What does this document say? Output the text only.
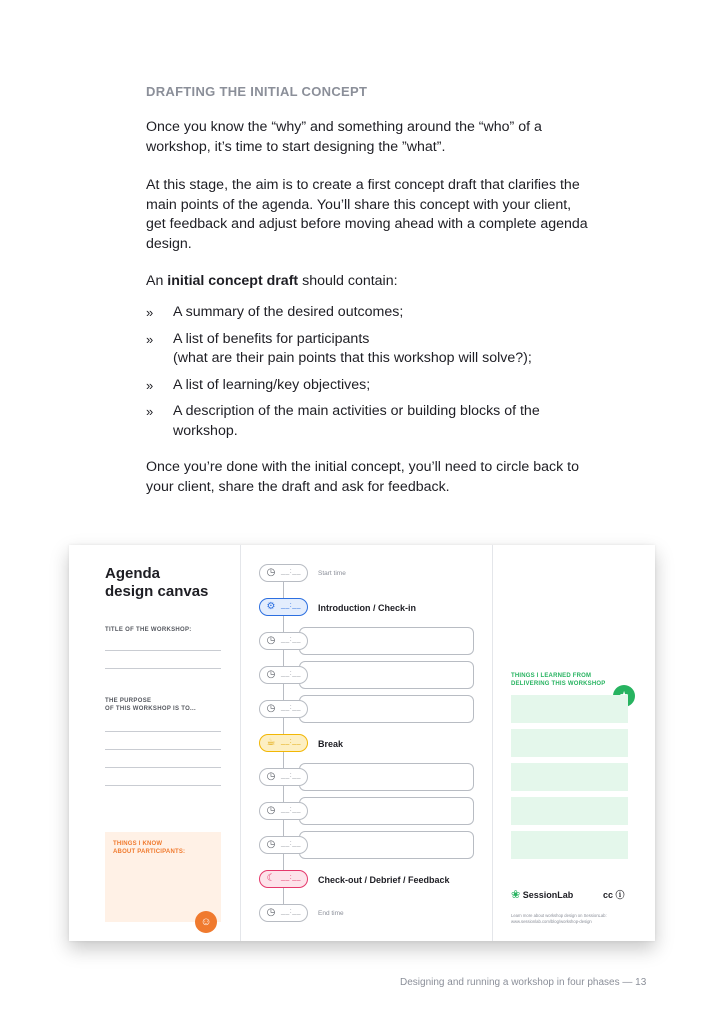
DRAFTING THE INITIAL CONCEPT

Once you know the “why” and something around the “who” of a workshop, it’s time to start designing the ”what”.

At this stage, the aim is to create a first concept draft that clarifies the main points of the agenda. You’ll share this concept with your client, get feedback and adjust before moving ahead with a complete agenda design.

An initial concept draft should contain:

» A summary of the desired outcomes;
» A list of benefits for participants
(what are their pain points that this workshop will solve?);
» A list of learning/key objectives;
» A description of the main activities or building blocks of the workshop.

Once you’re done with the initial concept, you’ll need to circle back to your client, share the draft and ask for feedback.

Agenda
design canvas
TITLE OF THE WORKSHOP:
THE PURPOSE
OF THIS WORKSHOP IS TO...
THINGS I KNOW
ABOUT PARTICIPANTS:
☺
◷ __:__	Start time
⚙ __:__ Introduction / Check-in
◷ __:__
◷ __:__
◷ __:__
☕ __:__ Break
◷ __:__
◷ __:__
◷ __:__
☾ __:__ Check-out / Debrief / Feedback
◷ __:__	End time
THINGS I LEARNED FROM
DELIVERING THIS WORKSHOP
❀ SessionLab	cc ⓘ
Learn more about workshop design on SessionLab:
www.sessionlab.com/blog/workshop-design
Designing and running a workshop in four phases — 13
